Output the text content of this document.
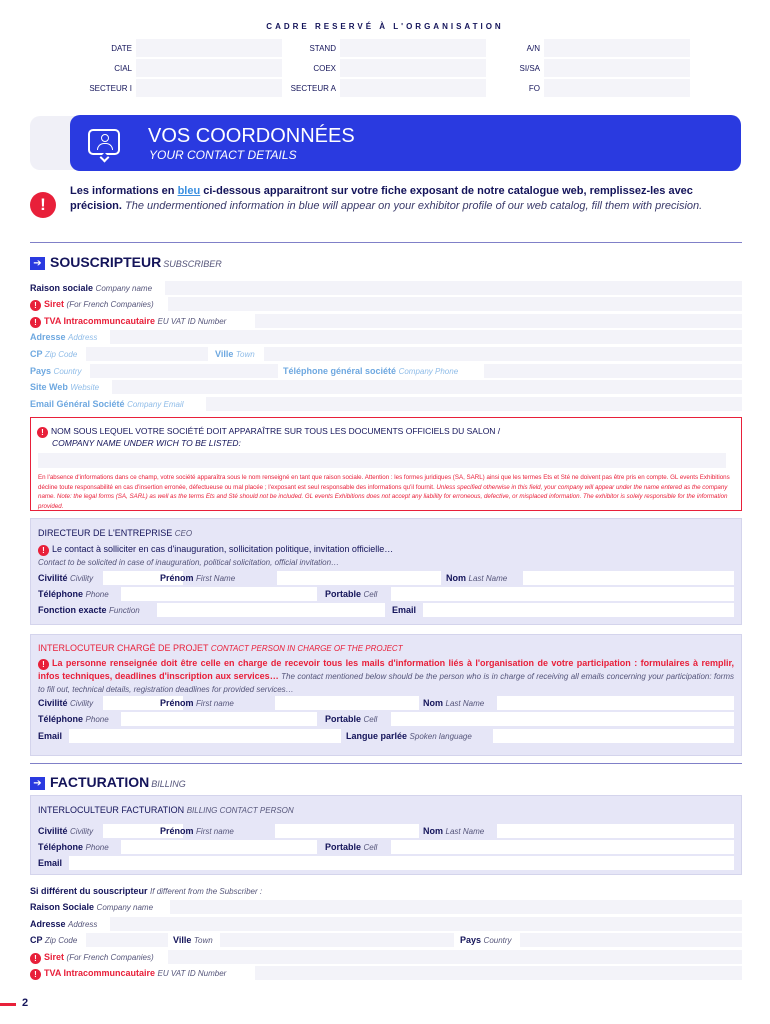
CADRE RESERVÉ À L'ORGANISATION
DATE	STAND	A/N
CIAL	COEX	SI/SA
SECTEUR I	SECTEUR A	FO
VOS COORDONNÉES
YOUR CONTACT DETAILS
!
Les informations en bleu ci-dessous apparaitront sur votre fiche exposant de notre catalogue web, remplissez-les avec précision. The undermentioned information in blue will appear on your exhibitor profile of our web catalog, fill them with precision.
➔ SOUSCRIPTEUR SUBSCRIBER
Raison sociale Company name
! Siret (For French Companies)
! TVA Intracommuncautaire EU VAT ID Number
Adresse Address
CP Zip Code	Ville Town
Pays Country	Téléphone général société Company Phone
Site Web Website
Email Général Société Company Email
! NOM SOUS LEQUEL VOTRE SOCIÉTÉ DOIT APPARAÎTRE SUR TOUS LES DOCUMENTS OFFICIELS DU SALON /
COMPANY NAME UNDER WICH TO BE LISTED:
En l'absence d'informations dans ce champ, votre société apparaîtra sous le nom renseigné en tant que raison sociale. Attention : les formes juridiques (SA, SARL) ainsi que les termes Ets et Sté ne doivent pas être pris en compte. GL events Exhibitions décline toute responsabilité en cas d'insertion erronée, défectueuse ou mal placée ; l'exposant est seul responsable des informations qu'il fournit. Unless specified otherwise in this field, your company will appear under the name entered as the company name. Note: the legal forms (SA, SARL) as well as the terms Ets and Sté should not be included. GL events Exhibitions does not accept any liability for erroneous, defective, or misplaced information. The exhibitor is solely responsible for the information provided.
DIRECTEUR DE L'ENTREPRISE CEO
! Le contact à solliciter en cas d'inauguration, sollicitation politique, invitation officielle…
Contact to be solicited in case of inauguration, political solicitation, official invitation…
Civilité Civility	Prénom First Name	Nom Last Name
Téléphone Phone	Portable Cell
Fonction exacte Function	Email
INTERLOCUTEUR CHARGÉ DE PROJET CONTACT PERSON IN CHARGE OF THE PROJECT
! La personne renseignée doit être celle en charge de recevoir tous les mails d'information liés à l'organisation de votre participation : formulaires à remplir, infos techniques, deadlines d'inscription aux services… The contact mentioned below should be the person who is in charge of receiving all emails concerning your participation: forms to fill out, technical details, registration deadlines for provided services…
Civilité Civility	Prénom First name	Nom Last Name
Téléphone Phone	Portable Cell
Email	Langue parlée Spoken language
➔ FACTURATION BILLING
INTERLOCULTEUR FACTURATION BILLING CONTACT PERSON
Civilité Civility	Prénom First name	Nom Last Name
Téléphone Phone	Portable Cell
Email
Si différent du souscripteur If different from the Subscriber :
Raison Sociale Company name
Adresse Address
CP Zip Code	Ville Town	Pays Country
! Siret (For French Companies)
! TVA Intracommuncautaire EU VAT ID Number
2
